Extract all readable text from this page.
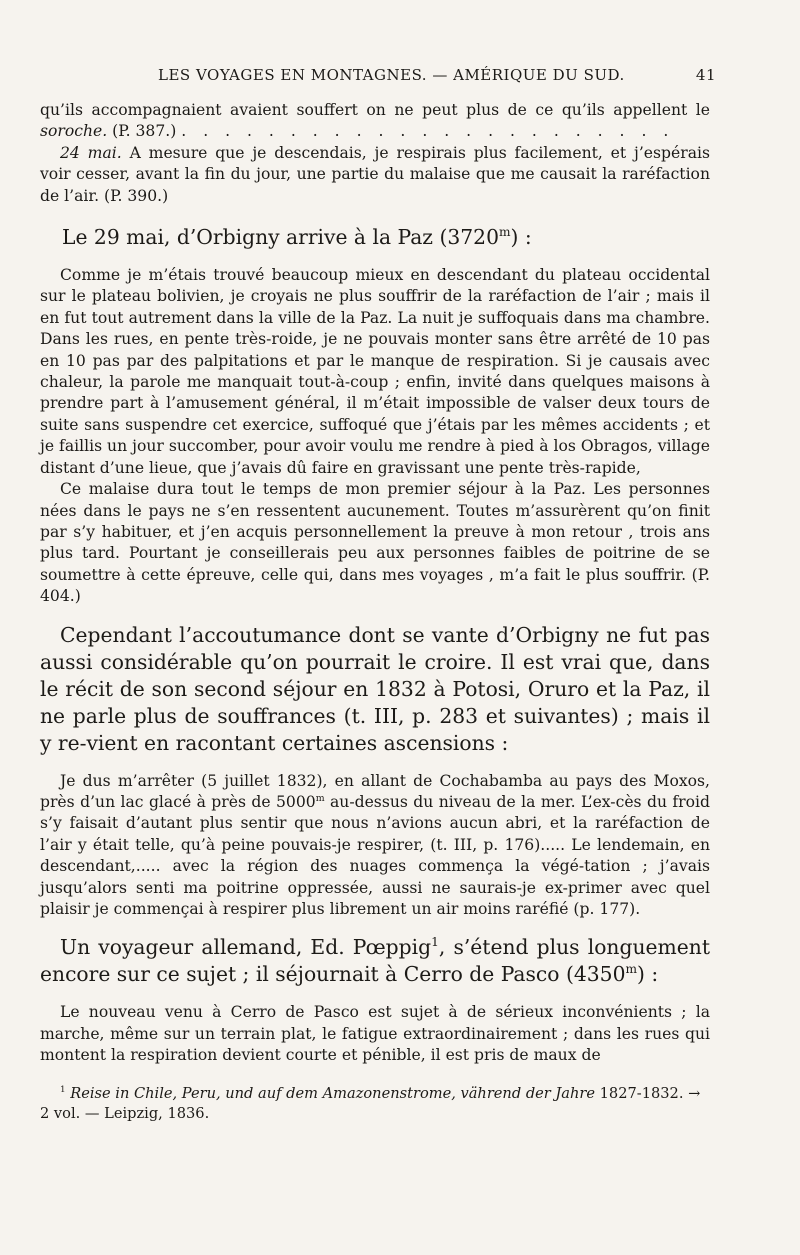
LES VOYAGES EN MONTAGNES. — AMÉRIQUE DU SUD.	41

qu’ils accompagnaient avaient souffert on ne peut plus de ce qu’ils appellent le soroche. (P. 387.) . . . . . . . . . . . . . . . . . . . . . . .

24 mai. A mesure que je descendais, je respirais plus facilement, et j’espérais voir cesser, avant la fin du jour, une partie du malaise que me causait la raréfaction de l’air. (P. 390.)

Le 29 mai, d’Orbigny arrive à la Paz (3720$^m$) :

Comme je m’étais trouvé beaucoup mieux en descendant du plateau occidental sur le plateau bolivien, je croyais ne plus souffrir de la raréfaction de l’air ; mais il en fut tout autrement dans la ville de la Paz. La nuit je suffoquais dans ma chambre. Dans les rues, en pente très-roide, je ne pouvais monter sans être arrêté de 10 pas en 10 pas par des palpitations et par le manque de respiration. Si je causais avec chaleur, la parole me manquait tout-à-coup ; enfin, invité dans quelques maisons à prendre part à l’amusement général, il m’était impossible de valser deux tours de suite sans suspendre cet exercice, suffoqué que j’étais par les mêmes accidents ; et je faillis un jour succomber, pour avoir voulu me rendre à pied à los Obragos, village distant d’une lieue, que j’avais dû faire en gravissant une pente très-rapide,

Ce malaise dura tout le temps de mon premier séjour à la Paz. Les personnes nées dans le pays ne s’en ressentent aucunement. Toutes m’assurèrent qu’on finit par s’y habituer, et j’en acquis personnellement la preuve à mon retour , trois ans plus tard. Pourtant je conseillerais peu aux personnes faibles de poitrine de se soumettre à cette épreuve, celle qui, dans mes voyages , m’a fait le plus souffrir. (P. 404.)

Cependant l’accoutumance dont se vante d’Orbigny ne fut pas aussi considérable qu’on pourrait le croire. Il est vrai que, dans le récit de son second séjour en 1832 à Potosi, Oruro et la Paz, il ne parle plus de souffrances (t. III, p. 283 et suivantes) ; mais il y re-vient en racontant certaines ascensions :

Je dus m’arrêter (5 juillet 1832), en allant de Cochabamba au pays des Moxos, près d’un lac glacé à près de 5000$^m$ au-dessus du niveau de la mer. L’ex-cès du froid s’y faisait d’autant plus sentir que nous n’avions aucun abri, et la raréfaction de l’air y était telle, qu’à peine pouvais-je respirer, (t. III, p. 176)..... Le lendemain, en descendant,..... avec la région des nuages commença la végé-tation ; j’avais jusqu’alors senti ma poitrine oppressée, aussi ne saurais-je ex-primer avec quel plaisir je commençai à respirer plus librement un air moins raréfié (p. 177).

Un voyageur allemand, Ed. Pœppig$^1$, s’étend plus longuement encore sur ce sujet ; il séjournait à Cerro de Pasco (4350$^m$) :

Le nouveau venu à Cerro de Pasco est sujet à de sérieux inconvénients ; la marche, même sur un terrain plat, le fatigue extraordinairement ; dans les rues qui montent la respiration devient courte et pénible, il est pris de maux de

$^1$ Reise in Chile, Peru, und auf dem Amazonenstrome, vährend der Jahre 1827-1832. → 2 vol. — Leipzig, 1836.
